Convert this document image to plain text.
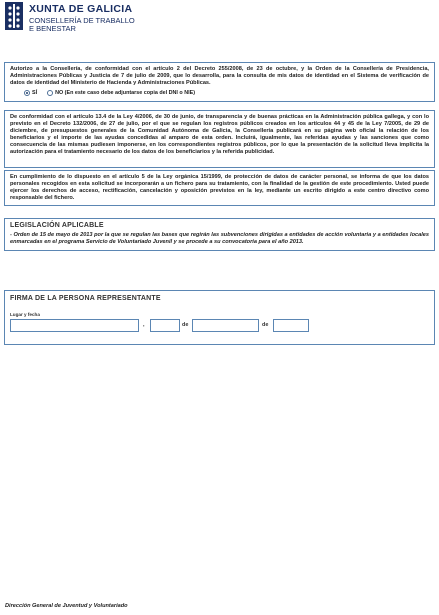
XUNTA DE GALICIA
CONSELLERÍA DE TRABALLO
E BENESTAR
Autorizo a la Consellería, de conformidad con el artículo 2 del Decreto 255/2008, de 23 de octubre, y la Orden de la Consellería de Presidencia, Administraciones Públicas y Justicia de 7 de julio de 2009, que lo desarrolla, para la consulta de mis datos de identidad en el Sistema de verificación de datos de identidad del Ministerio de Hacienda y Administraciones Públicas.
SÍ	NO (En este caso debe adjuntarse copia del DNI o NIE)
De conformidad con el artículo 13.4 de la Ley 4/2006, de 30 de junio, de transparencia y de buenas prácticas en la Administración pública gallega, y con lo previsto en el Decreto 132/2006, de 27 de julio, por el que se regulan los registros públicos creados en los artículos 44 y 45 de la Ley 7/2005, de 29 de diciembre, de presupuestos generales de la Comunidad Autónoma de Galicia, la Consellería publicará en su página web oficial la relación de los beneficiarios y el importe de las ayudas concedidas al amparo de esta orden. Incluirá, igualmente, las referidas ayudas y las sanciones que como consecuencia de las mismas pudiesen imponerse, en los correspondientes registros públicos, por lo que la presentación de la solicitud lleva implícita la autorización para el tratamiento necesario de los datos de los beneficiarios y la referida publicidad.
En cumplimiento de lo dispuesto en el artículo 5 de la Ley orgánica 15/1999, de protección de datos de carácter personal, se informa de que los datos personales recogidos en esta solicitud se incorporarán a un fichero para su tratamiento, con la finalidad de la gestión de este procedimiento. Usted puede ejercer los derechos de acceso, rectificación, cancelación y oposición previstos en la ley, mediante un escrito dirigido a este centro directivo como responsable del fichero.
LEGISLACIÓN APLICABLE
- Orden de 15 de mayo de 2013 por la que se regulan las bases que regirán las subvenciones dirigidas a entidades de acción voluntaria y a entidades locales enmarcadas en el programa Servicio de Voluntariado Juvenil y se procede a su convocatoria para el año 2013.
FIRMA DE LA PERSONA REPRESENTANTE
Lugar y fecha
,	de	de
Dirección General de Juventud y Voluntariado
